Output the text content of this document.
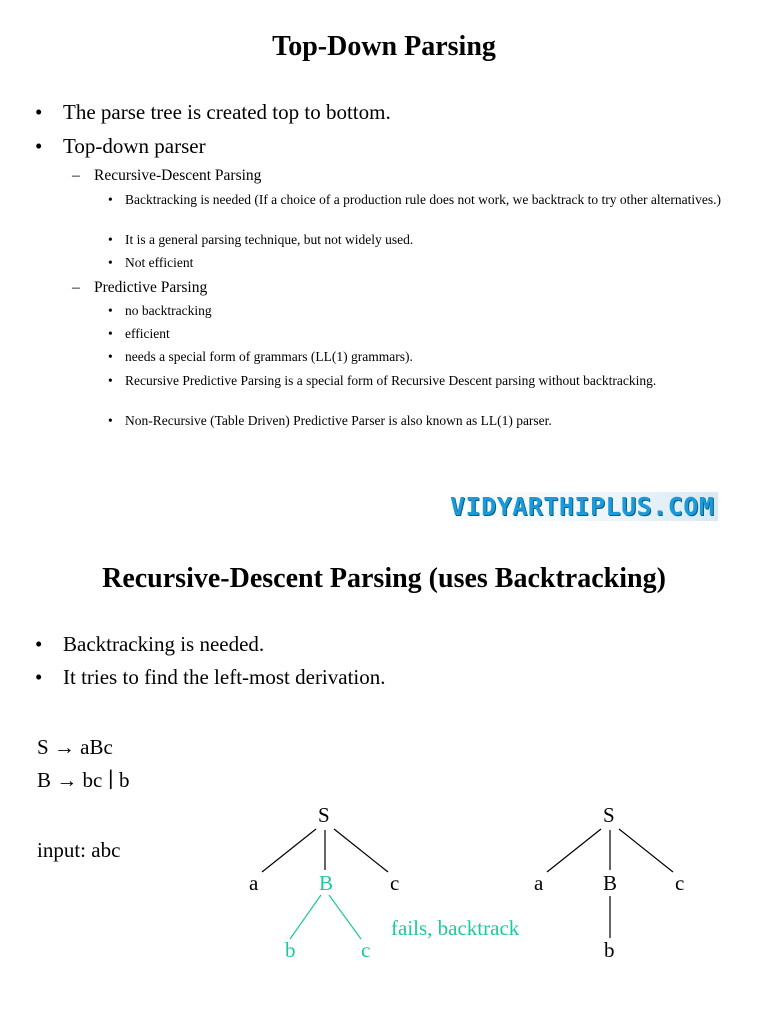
Top-Down Parsing
• The parse tree is created top to bottom.
• Top-down parser
– Recursive-Descent Parsing
• Backtracking is needed (If a choice of a production rule does not work, we backtrack to try other alternatives.)
• It is a general parsing technique, but not widely used.
• Not efficient
– Predictive Parsing
• no backtracking
• efficient
• needs a special form of grammars (LL(1) grammars).
• Recursive Predictive Parsing is a special form of Recursive Descent parsing without backtracking.
• Non-Recursive (Table Driven) Predictive Parser is also known as LL(1) parser.
VIDYARTHIPLUS.COM
Recursive-Descent Parsing (uses Backtracking)
• Backtracking is needed.
• It tries to find the left-most derivation.
S → aBc
B → bc ∣ b
input: abc
S
a	B	c
b	c
fails, backtrack
S
a	B	c
b
